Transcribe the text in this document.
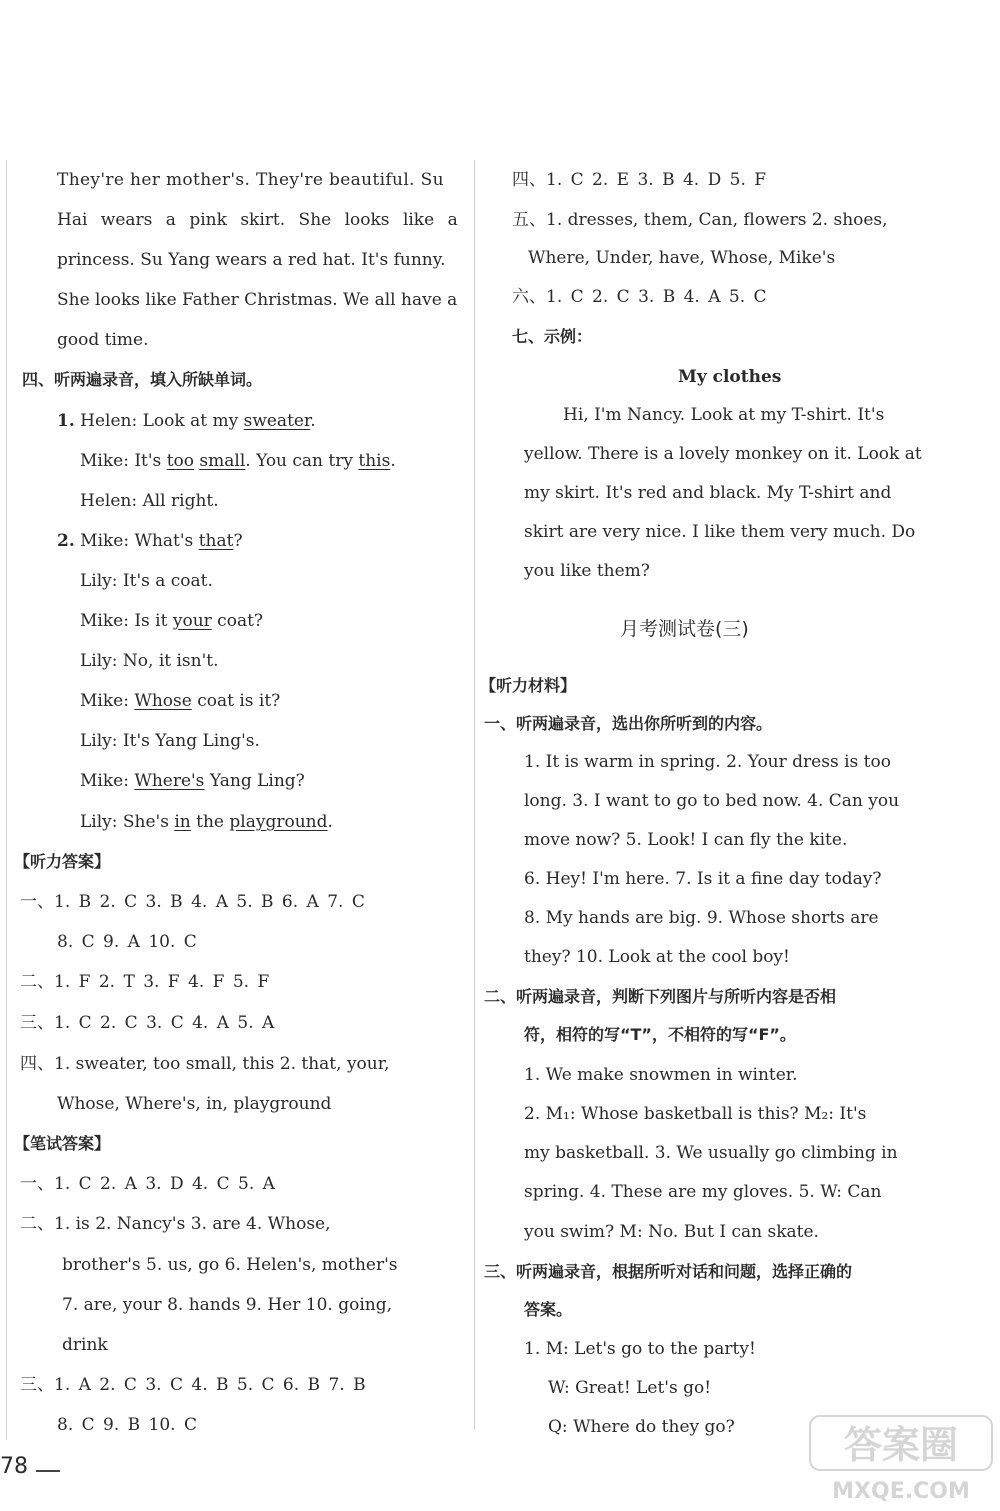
They're her mother's. They're beautiful. Su
Hai wears a pink skirt. She looks like a
princess. Su Yang wears a red hat. It's funny.
She looks like Father Christmas. We all have a
good time.
四、听两遍录音，填入所缺单词。
1. Helen: Look at my sweater.
Mike: It's too small. You can try this.
Helen: All right.
2. Mike: What's that?
Lily: It's a coat.
Mike: Is it your coat?
Lily: No, it isn't.
Mike: Whose coat is it?
Lily: It's Yang Ling's.
Mike: Where's Yang Ling?
Lily: She's in the playground.
【听力答案】
一、1. B 2. C 3. B 4. A 5. B 6. A 7. C
8. C 9. A 10. C
二、1. F 2. T 3. F 4. F 5. F
三、1. C 2. C 3. C 4. A 5. A
四、1. sweater, too small, this 2. that, your,
Whose, Where's, in, playground
【笔试答案】
一、1. C 2. A 3. D 4. C 5. A
二、1. is 2. Nancy's 3. are 4. Whose,
brother's 5. us, go 6. Helen's, mother's
7. are, your 8. hands 9. Her 10. going,
drink
三、1. A 2. C 3. C 4. B 5. C 6. B 7. B
8. C 9. B 10. C
四、1. C 2. E 3. B 4. D 5. F
五、1. dresses, them, Can, flowers 2. shoes,
Where, Under, have, Whose, Mike's
六、1. C 2. C 3. B 4. A 5. C
七、示例：
My clothes
Hi, I'm Nancy. Look at my T-shirt. It's
yellow. There is a lovely monkey on it. Look at
my skirt. It's red and black. My T-shirt and
skirt are very nice. I like them very much. Do
you like them?
月考测试卷(三)
【听力材料】
一、听两遍录音，选出你所听到的内容。
1. It is warm in spring. 2. Your dress is too
long. 3. I want to go to bed now. 4. Can you
move now? 5. Look! I can fly the kite.
6. Hey! I'm here. 7. Is it a fine day today?
8. My hands are big. 9. Whose shorts are
they? 10. Look at the cool boy!
二、听两遍录音，判断下列图片与所听内容是否相
符，相符的写“T”，不相符的写“F”。
1. We make snowmen in winter.
2. M₁: Whose basketball is this? M₂: It's
my basketball. 3. We usually go climbing in
spring. 4. These are my gloves. 5. W: Can
you swim? M: No. But I can skate.
三、听两遍录音，根据所听对话和问题，选择正确的
答案。
1. M: Let's go to the party!
W: Great! Let's go!
Q: Where do they go?
78	答案圈
MXQE.COM
